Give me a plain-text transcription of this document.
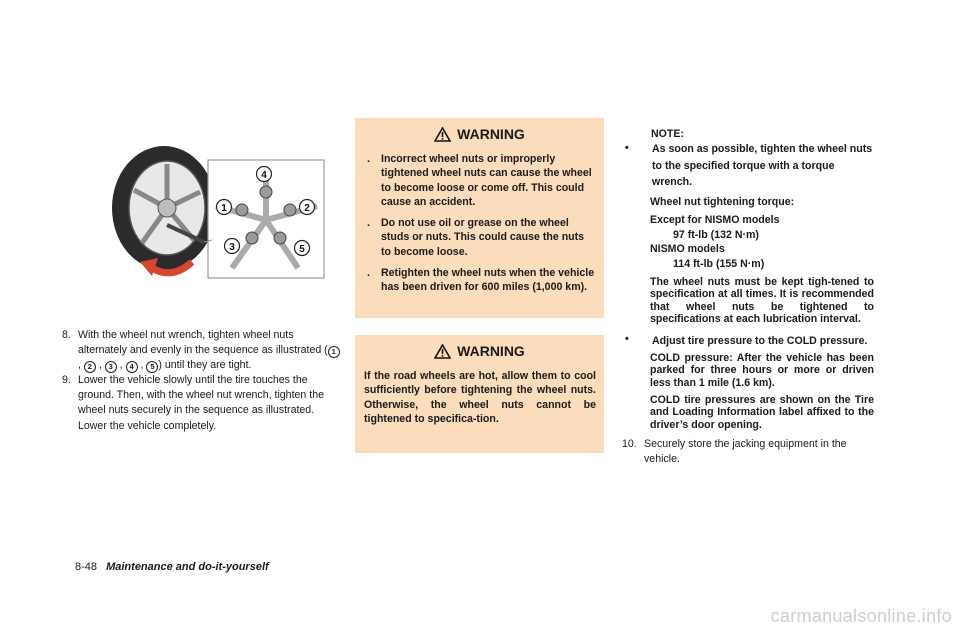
1	2
3
4
5
8. With the wheel nut wrench, tighten wheel nuts alternately and evenly in the sequence as illustrated ( 1 , 2 , 3 , 4 , 5 ) until they are tight.
9. Lower the vehicle slowly until the tire touches the ground. Then, with the wheel nut wrench, tighten the wheel nuts securely in the sequence as illustrated. Lower the vehicle completely.
WARNING
.	Incorrect wheel nuts or improperly tightened wheel nuts can cause the wheel to become loose or come off. This could cause an accident.
.	Do not use oil or grease on the wheel studs or nuts. This could cause the nuts to become loose.
.	Retighten the wheel nuts when the vehicle has been driven for 600 miles (1,000 km).
WARNING
If the road wheels are hot, allow them to cool sufficiently before tightening the wheel nuts. Otherwise, the wheel nuts cannot be tightened to specifica-tion.
NOTE:
•	As soon as possible, tighten the wheel nuts to the specified torque with a torque wrench.
Wheel nut tightening torque:
Except for NISMO models
97 ft-lb (132 N·m)
NISMO models
114 ft-lb (155 N·m)
The wheel nuts must be kept tigh-tened to specification at all times. It is recommended that wheel nuts be tightened to specifications at each lubrication interval.
•	Adjust tire pressure to the COLD pressure.
COLD pressure: After the vehicle has been parked for three hours or more or driven less than 1 mile (1.6 km).
COLD tire pressures are shown on the Tire and Loading Information label affixed to the driver’s door opening.
10. Securely store the jacking equipment in the vehicle.
8-48 Maintenance and do-it-yourself
carmanualsonline.info
